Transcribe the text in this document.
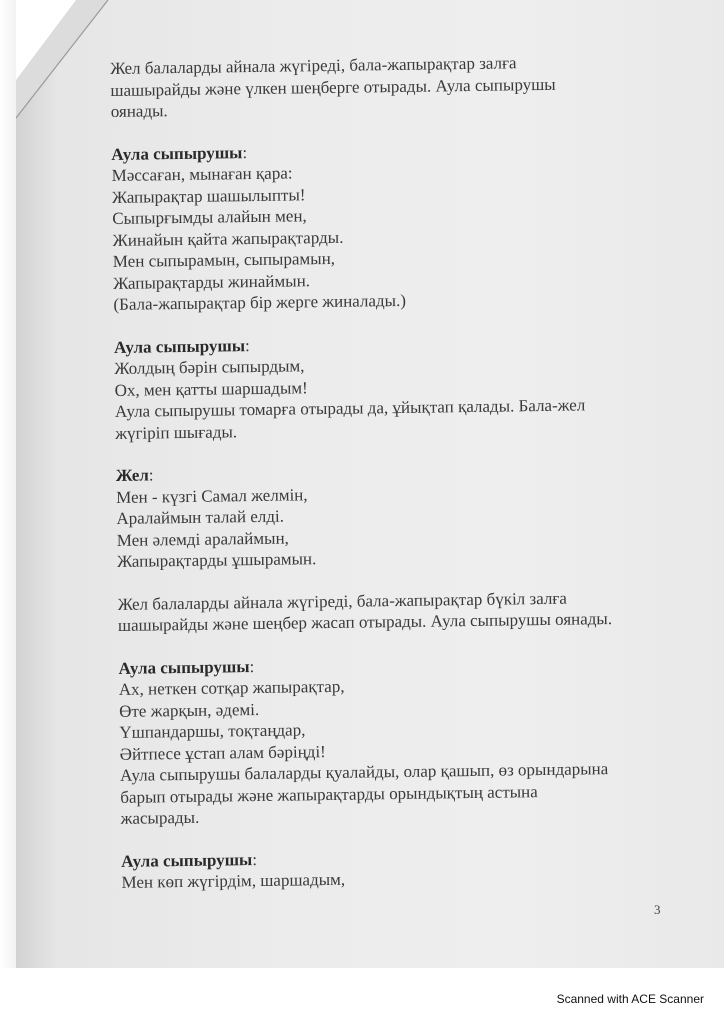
Жел балаларды айнала жүгіреді, бала-жапырақтар залға
шашырайды және үлкен шеңберге отырады. Аула сыпырушы
оянады.
Аула сыпырушы:
Мәссаған, мынаған қара:
Жапырақтар шашылыпты!
Сыпырғымды алайын мен,
Жинайын қайта жапырақтарды.
Мен сыпырамын, сыпырамын,
Жапырақтарды жинаймын.
(Бала-жапырақтар бір жерге жиналады.)
Аула сыпырушы:
Жолдың бәрін сыпырдым,
Ох, мен қатты шаршадым!
Аула сыпырушы томарға отырады да, ұйықтап қалады. Бала-жел
жүгіріп шығады.
Жел:
Мен - күзгі Самал желмін,
Аралаймын талай елді.
Мен әлемді аралаймын,
Жапырақтарды ұшырамын.
Жел балаларды айнала жүгіреді, бала-жапырақтар бүкіл залға
шашырайды және шеңбер жасап отырады. Аула сыпырушы оянады.
Аула сыпырушы:
Ах, неткен сотқар жапырақтар,
Өте жарқын, әдемі.
Үшпандаршы, тоқтаңдар,
Әйтпесе ұстап алам бәріңді!
Аула сыпырушы балаларды қуалайды, олар қашып, өз орындарына
барып отырады және жапырақтарды орындықтың астына
жасырады.
Аула сыпырушы:
Мен көп жүгірдім, шаршадым,
3
Scanned with ACE Scanner
